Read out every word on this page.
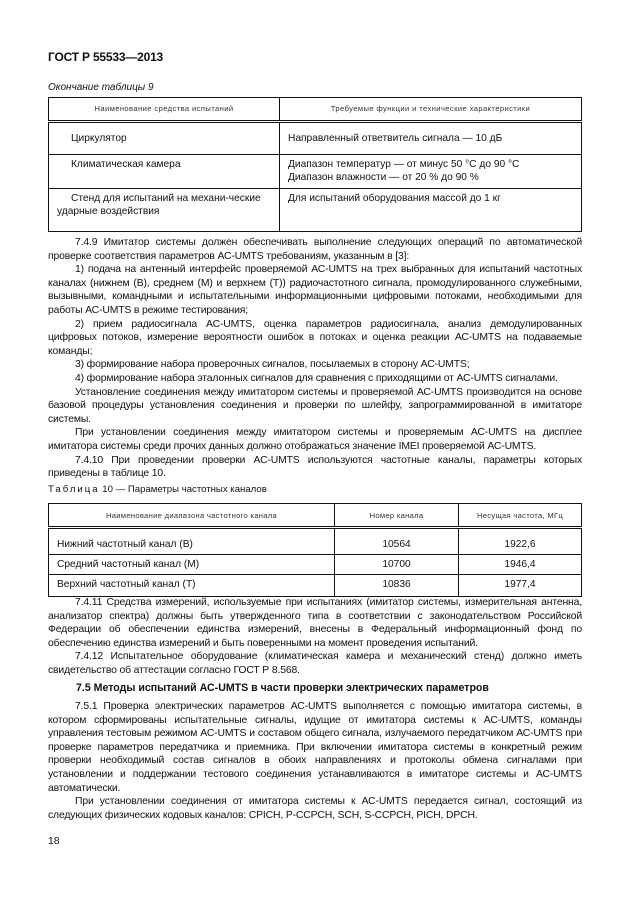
ГОСТ Р 55533—2013
Окончание таблицы 9
Наименование средства испытаний	Требуемые функции и технические характеристики
Циркулятор	Направленный ответвитель сигнала — 10 дБ
Климатическая камера	Диапазон температур — от минус 50 °С до 90 °С
Диапазон влажности — от 20 % до 90 %

Стенд для испытаний на механи-ческие ударные воздействия	Для испытаний оборудования массой до 1 кг

7.4.9 Имитатор системы должен обеспечивать выполнение следующих операций по автоматической проверке соответствия параметров АС-UMTS требованиям, указанным в [3]:

1) подача на антенный интерфейс проверяемой АС-UMTS на трех выбранных для испытаний частотных каналах (нижнем (В), среднем (М) и верхнем (Т)) радиочастотного сигнала, промодулированного служебными, вызывными, командными и испытательными информационными цифровыми потоками, необходимыми для работы АС-UMTS в режиме тестирования;

2) прием радиосигнала АС-UMTS, оценка параметров радиосигнала, анализ демодулированных цифровых потоков, измерение вероятности ошибок в потоках и оценка реакции АС-UMTS на подаваемые команды;

3) формирование набора проверочных сигналов, посылаемых в сторону АС-UMTS;

4) формирование набора эталонных сигналов для сравнения с приходящими от АС-UMTS сигналами.

Установление соединения между имитатором системы и проверяемой АС-UMTS производится на основе базовой процедуры установления соединения и проверки по шлейфу, запрограммированной в имитаторе системы.

При установлении соединения между имитатором системы и проверяемым АС-UMTS на дисплее имитатора системы среди прочих данных должно отображаться значение IMEI проверяемой АС-UMTS.

7.4.10 При проведении проверки АС-UMTS используются частотные каналы, параметры которых приведены в таблице 10.

Таблица 10 — Параметры частотных каналов
Наименование диапазона частотного канала	Номер канала	Несущая частота, МГц
Нижний частотный канал (В)	10564	1922,6
Средний частотный канал (М)	10700	1946,4
Верхний частотный канал (Т)	10836	1977,4

7.4.11 Средства измерений, используемые при испытаниях (имитатор системы, измерительная антенна, анализатор спектра) должны быть утвержденного типа в соответствии с законодательством Российской Федерации об обеспечении единства измерений, внесены в Федеральный информационный фонд по обеспечению единства измерений и быть поверенными на момент проведения испытаний.

7.4.12 Испытательное оборудование (климатическая камера и механический стенд) должно иметь свидетельство об аттестации согласно ГОСТ Р 8.568.

7.5 Методы испытаний АС-UMTS в части проверки электрических параметров

7.5.1 Проверка электрических параметров АС-UMTS выполняется с помощью имитатора системы, в котором сформированы испытательные сигналы, идущие от имитатора системы к АС-UMTS, команды управления тестовым режимом АС-UMTS и составом общего сигнала, излучаемого передатчиком АС-UMTS при проверке параметров передатчика и приемника. При включении имитатора системы в конкретный режим проверки необходимый состав сигналов в обоих направлениях и протоколы обмена сигналами при установлении и поддержании тестового соединения устанавливаются в имитаторе системы и АС-UMTS автоматически.

При установлении соединения от имитатора системы к АС-UMTS передается сигнал, состоящий из следующих физических кодовых каналов: CPICH, P-CCPCH, SCH, S-CCPCH, PICH, DPCH.

18
